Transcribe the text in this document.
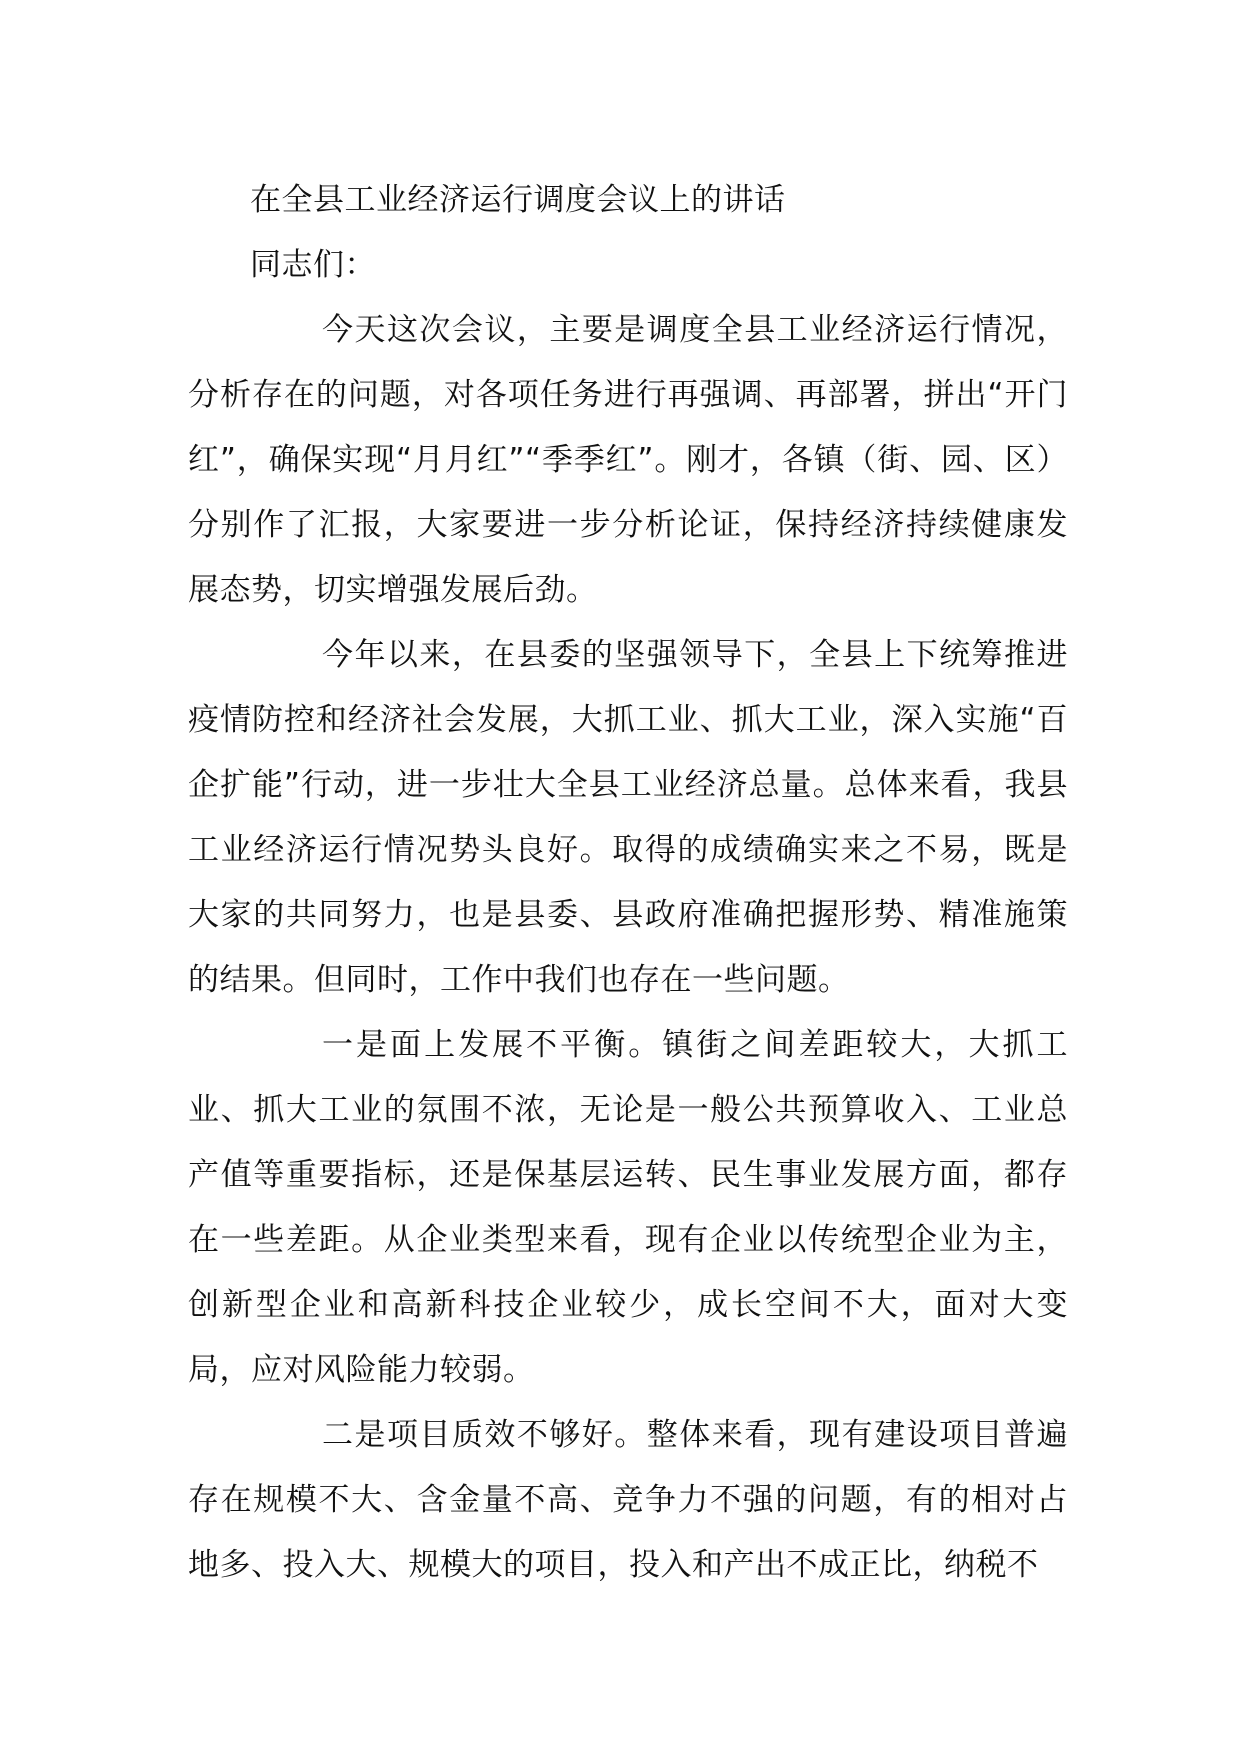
在全县工业经济运行调度会议上的讲话

同志们：

今天这次会议，主要是调度全县工业经济运行情况，分析存在的问题，对各项任务进行再强调、再部署，拼出“开门红”，确保实现“月月红”“季季红”。刚才，各镇（街、园、区）分别作了汇报，大家要进一步分析论证，保持经济持续健康发展态势，切实增强发展后劲。

今年以来，在县委的坚强领导下，全县上下统筹推进疫情防控和经济社会发展，大抓工业、抓大工业，深入实施“百企扩能”行动，进一步壮大全县工业经济总量。总体来看，我县工业经济运行情况势头良好。取得的成绩确实来之不易，既是大家的共同努力，也是县委、县政府准确把握形势、精准施策的结果。但同时，工作中我们也存在一些问题。

一是面上发展不平衡。镇街之间差距较大，大抓工业、抓大工业的氛围不浓，无论是一般公共预算收入、工业总产值等重要指标，还是保基层运转、民生事业发展方面，都存在一些差距。从企业类型来看，现有企业以传统型企业为主，创新型企业和高新科技企业较少，成长空间不大，面对大变局，应对风险能力较弱。

二是项目质效不够好。整体来看，现有建设项目普遍存在规模不大、含金量不高、竞争力不强的问题，有的相对占地多、投入大、规模大的项目，投入和产出不成正比，纳税不
